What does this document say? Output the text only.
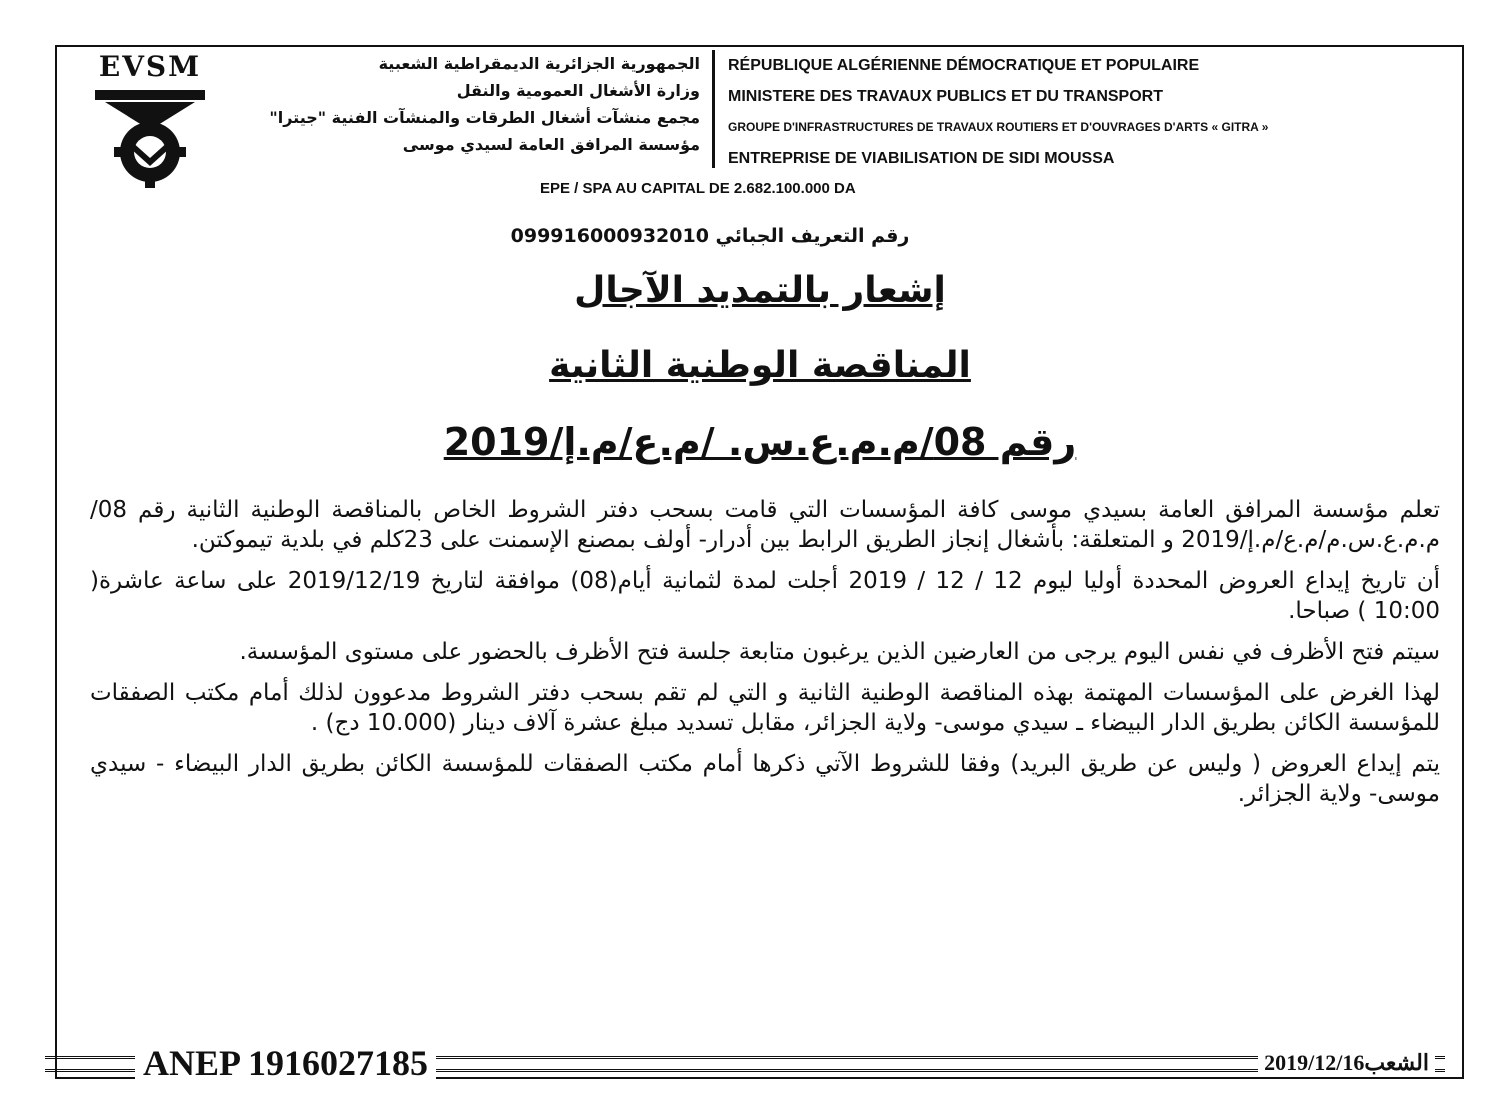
EVSM	الجمهورية الجزائرية الديمقراطية الشعبية
وزارة الأشغال العمومية والنقل
مجمع منشآت أشغال الطرقات والمنشآت الفنية "جيترا"
مؤسسة المرافق العامة لسيدي موسى
RÉPUBLIQUE ALGÉRIENNE DÉMOCRATIQUE ET POPULAIRE
MINISTERE DES TRAVAUX PUBLICS ET DU TRANSPORT
GROUPE D'INFRASTRUCTURES DE TRAVAUX ROUTIERS ET D'OUVRAGES D'ARTS « GITRA »
ENTREPRISE DE VIABILISATION DE SIDI MOUSSA
EPE / SPA AU CAPITAL DE 2.682.100.000 DA
رقم التعريف الجبائي 099916000932010
إشعار بالتمديد الآجال
المناقصة الوطنية الثانية
رقم 08/م.م.ع.س. /م.ع/م.إ/2019

تعلم مؤسسة المرافق العامة بسيدي موسى كافة المؤسسات التي قامت بسحب دفتر الشروط الخاص بالمناقصة الوطنية الثانية رقم 08/م.م.ع.س.م/م.ع/م.إ/2019 و المتعلقة: بأشغال إنجاز الطريق الرابط بين أدرار- أولف بمصنع الإسمنت على 23كلم في بلدية تيموكتن.

أن تاريخ إيداع العروض المحددة أوليا ليوم 12 / 12 / 2019 أجلت لمدة لثمانية أيام(08) موافقة لتاريخ 2019/12/19 على ساعة عاشرة( 10:00 ) صباحا.

سيتم فتح الأظرف في نفس اليوم يرجى من العارضين الذين يرغبون متابعة جلسة فتح الأظرف بالحضور على مستوى المؤسسة.

لهذا الغرض على المؤسسات المهتمة بهذه المناقصة الوطنية الثانية و التي لم تقم بسحب دفتر الشروط مدعوون لذلك أمام مكتب الصفقات للمؤسسة الكائن بطريق الدار البيضاء ـ سيدي موسى- ولاية الجزائر، مقابل تسديد مبلغ عشرة آلاف دينار (10.000 دج) .

يتم إيداع العروض ( وليس عن طريق البريد) وفقا للشروط الآتي ذكرها أمام مكتب الصفقات للمؤسسة الكائن بطريق الدار البيضاء - سيدي موسى- ولاية الجزائر.

ANEP 1916027185	الشعب2019/12/16
